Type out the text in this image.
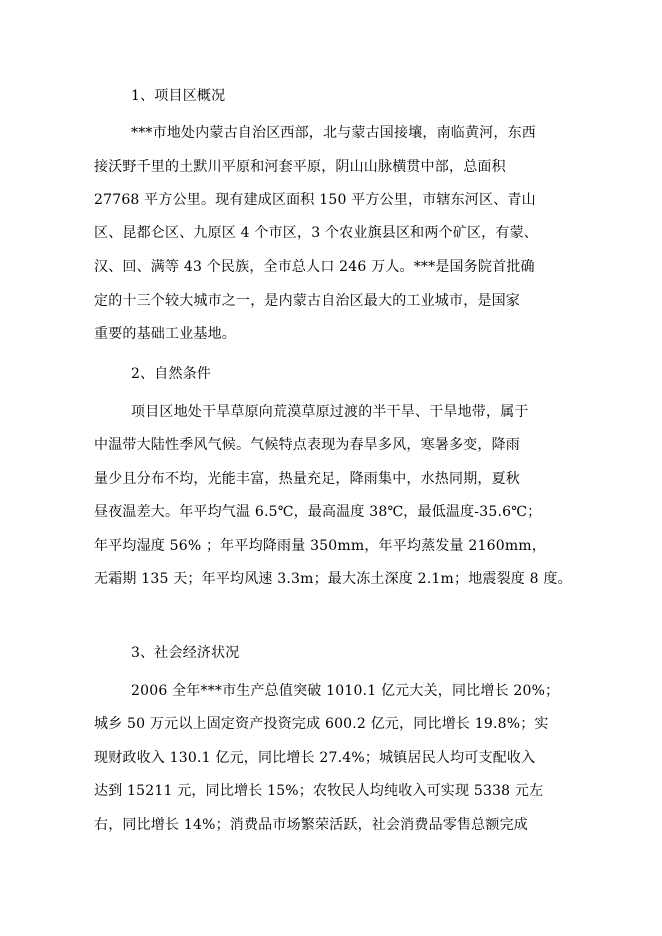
1、项目区概况
***市地处内蒙古自治区西部，北与蒙古国接壤，南临黄河，东西
接沃野千里的土默川平原和河套平原，阴山山脉横贯中部，总面积
27768 平方公里。现有建成区面积 150 平方公里，市辖东河区、青山
区、昆都仑区、九原区 4 个市区，3 个农业旗县区和两个矿区，有蒙、
汉、回、满等 43 个民族，全市总人口 246 万人。***是国务院首批确
定的十三个较大城市之一，是内蒙古自治区最大的工业城市，是国家
重要的基础工业基地。
2、自然条件
项目区地处干旱草原向荒漠草原过渡的半干旱、干旱地带，属于
中温带大陆性季风气候。气候特点表现为春旱多风，寒暑多变，降雨
量少且分布不均，光能丰富，热量充足，降雨集中，水热同期，夏秋
昼夜温差大。年平均气温 6.5℃，最高温度 38℃，最低温度-35.6℃；
年平均湿度 56% ；年平均降雨量 350mm，年平均蒸发量 2160mm，
无霜期 135 天；年平均风速 3.3m；最大冻土深度 2.1m；地震裂度 8 度。
3、社会经济状况
2006 全年***市生产总值突破 1010.1 亿元大关，同比增长 20%；
城乡 50 万元以上固定资产投资完成 600.2 亿元，同比增长 19.8%；实
现财政收入 130.1 亿元，同比增长 27.4%；城镇居民人均可支配收入
达到 15211 元，同比增长 15%；农牧民人均纯收入可实现 5338 元左
右，同比增长 14%；消费品市场繁荣活跃，社会消费品零售总额完成
